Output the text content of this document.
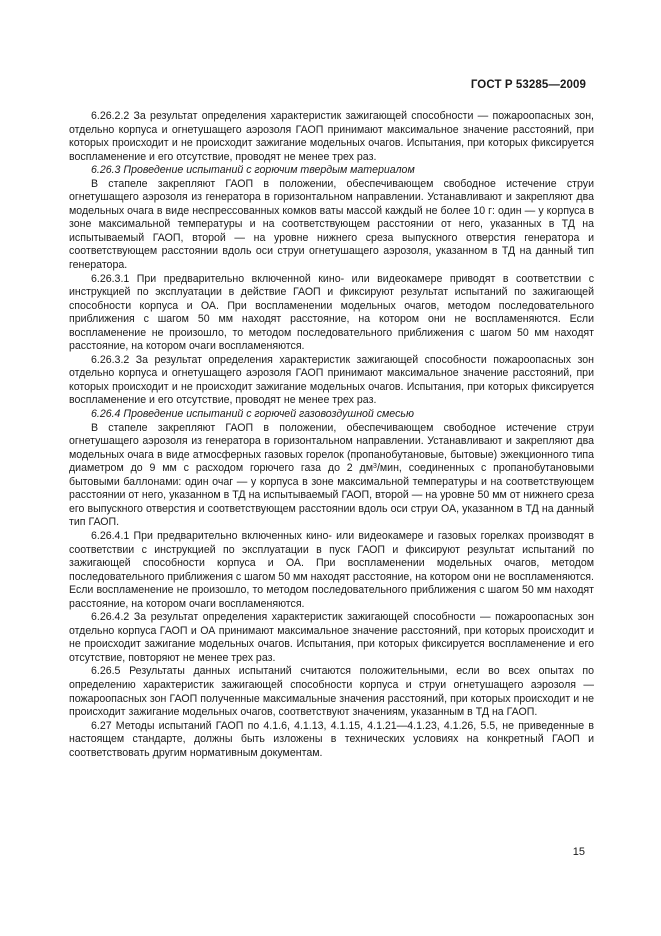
ГОСТ Р 53285—2009

6.26.2.2 За результат определения характеристик зажигающей способности — пожароопасных зон, отдельно корпуса и огнетушащего аэрозоля ГАОП принимают максимальное значение расстояний, при которых происходит и не происходит зажигание модельных очагов. Испытания, при которых фиксируется воспламенение и его отсутствие, проводят не менее трех раз.

6.26.3 Проведение испытаний с горючим твердым материалом

В стапеле закрепляют ГАОП в положении, обеспечивающем свободное истечение струи огнетушащего аэрозоля из генератора в горизонтальном направлении. Устанавливают и закрепляют два модельных очага в виде неспрессованных комков ваты массой каждый не более 10 г: один — у корпуса в зоне максимальной температуры и на соответствующем расстоянии от него, указанных в ТД на испытываемый ГАОП, второй — на уровне нижнего среза выпускного отверстия генератора и соответствующем расстоянии вдоль оси струи огнетушащего аэрозоля, указанном в ТД на данный тип генератора.

6.26.3.1 При предварительно включенной кино- или видеокамере приводят в соответствии с инструкцией по эксплуатации в действие ГАОП и фиксируют результат испытаний по зажигающей способности корпуса и ОА. При воспламенении модельных очагов, методом последовательного приближения с шагом 50 мм находят расстояние, на котором они не воспламеняются. Если воспламенение не произошло, то методом последовательного приближения с шагом 50 мм находят расстояние, на котором очаги воспламеняются.

6.26.3.2 За результат определения характеристик зажигающей способности пожароопасных зон отдельно корпуса и огнетушащего аэрозоля ГАОП принимают максимальное значение расстояний, при которых происходит и не происходит зажигание модельных очагов. Испытания, при которых фиксируется воспламенение и его отсутствие, проводят не менее трех раз.

6.26.4 Проведение испытаний с горючей газовоздушной смесью

В стапеле закрепляют ГАОП в положении, обеспечивающем свободное истечение струи огнетушащего аэрозоля из генератора в горизонтальном направлении. Устанавливают и закрепляют два модельных очага в виде атмосферных газовых горелок (пропанобутановые, бытовые) эжекционного типа диаметром до 9 мм с расходом горючего газа до 2 $дм^3$/мин, соединенных с пропанобутановыми бытовыми баллонами: один очаг — у корпуса в зоне максимальной температуры и на соответствующем расстоянии от него, указанном в ТД на испытываемый ГАОП, второй — на уровне 50 мм от нижнего среза его выпускного отверстия и соответствующем расстоянии вдоль оси струи ОА, указанном в ТД на данный тип ГАОП.

6.26.4.1 При предварительно включенных кино- или видеокамере и газовых горелках производят в соответствии с инструкцией по эксплуатации в пуск ГАОП и фиксируют результат испытаний по зажигающей способности корпуса и ОА. При воспламенении модельных очагов, методом последовательного приближения с шагом 50 мм находят расстояние, на котором они не воспламеняются. Если воспламенение не произошло, то методом последовательного приближения с шагом 50 мм находят расстояние, на котором очаги воспламеняются.

6.26.4.2 За результат определения характеристик зажигающей способности — пожароопасных зон отдельно корпуса ГАОП и ОА принимают максимальное значение расстояний, при которых происходит и не происходит зажигание модельных очагов. Испытания, при которых фиксируется воспламенение и его отсутствие, повторяют не менее трех раз.

6.26.5 Результаты данных испытаний считаются положительными, если во всех опытах по определению характеристик зажигающей способности корпуса и струи огнетушащего аэрозоля — пожароопасных зон ГАОП полученные максимальные значения расстояний, при которых происходит и не происходит зажигание модельных очагов, соответствуют значениям, указанным в ТД на ГАОП.

6.27 Методы испытаний ГАОП по 4.1.6, 4.1.13, 4.1.15, 4.1.21—4.1.23, 4.1.26, 5.5, не приведенные в настоящем стандарте, должны быть изложены в технических условиях на конкретный ГАОП и соответствовать другим нормативным документам.

15
